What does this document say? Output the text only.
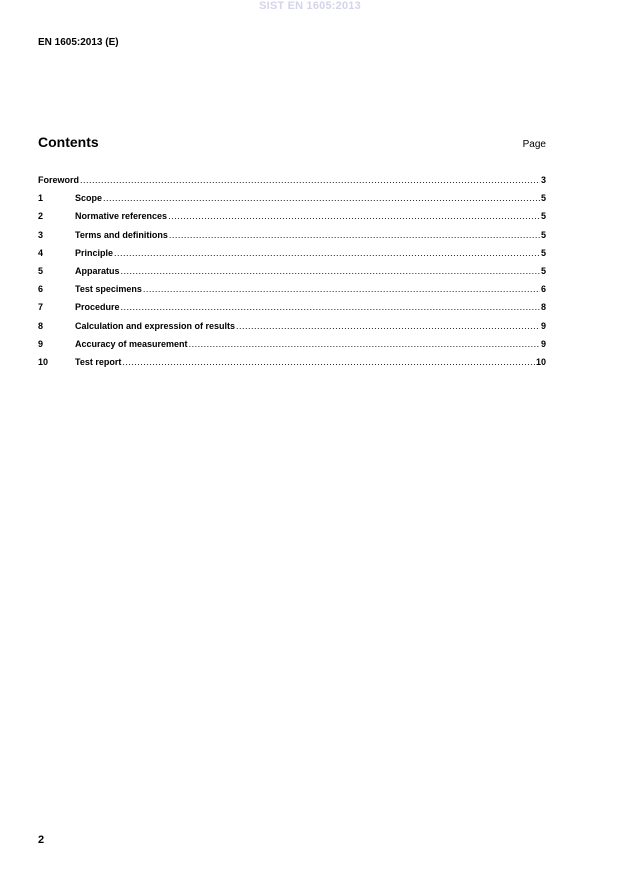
SIST EN 1605:2013
EN 1605:2013 (E)
Contents	Page
Foreword .....	3
1	Scope .....	5
2	Normative references .....	5
3	Terms and definitions .....	5
4	Principle .....	5
5	Apparatus .....	5
6	Test specimens .....	6
7	Procedure .....	8
8	Calculation and expression of results .....	9
9	Accuracy of measurement .....	9
10	Test report .....	10
2
